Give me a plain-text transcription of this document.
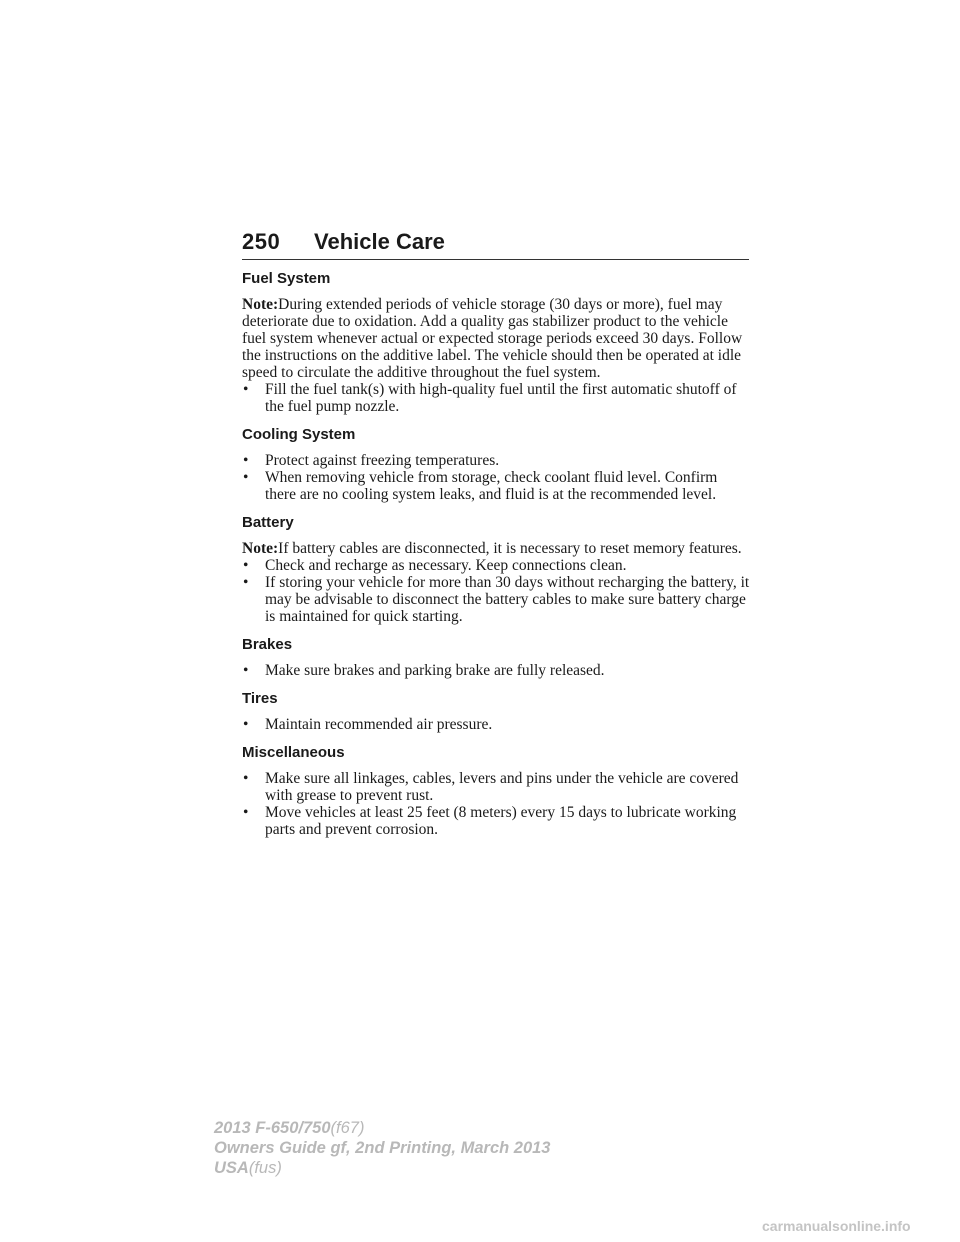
250 Vehicle Care
Fuel System

Note:During extended periods of vehicle storage (30 days or more), fuel may deteriorate due to oxidation. Add a quality gas stabilizer product to the vehicle fuel system whenever actual or expected storage periods exceed 30 days. Follow the instructions on the additive label. The vehicle should then be operated at idle speed to circulate the additive throughout the fuel system.

• Fill the fuel tank(s) with high-quality fuel until the first automatic shutoff of the fuel pump nozzle.
Cooling System
• Protect against freezing temperatures.
• When removing vehicle from storage, check coolant fluid level. Confirm there are no cooling system leaks, and fluid is at the recommended level.
Battery

Note:If battery cables are disconnected, it is necessary to reset memory features.

• Check and recharge as necessary. Keep connections clean.
• If storing your vehicle for more than 30 days without recharging the battery, it may be advisable to disconnect the battery cables to make sure battery charge is maintained for quick starting.
Brakes
• Make sure brakes and parking brake are fully released.
Tires
• Maintain recommended air pressure.
Miscellaneous
• Make sure all linkages, cables, levers and pins under the vehicle are covered with grease to prevent rust.
• Move vehicles at least 25 feet (8 meters) every 15 days to lubricate working parts and prevent corrosion.
2013 F-650/750(f67)
Owners Guide gf, 2nd Printing, March 2013
USA(fus)
carmanualsonline.info
